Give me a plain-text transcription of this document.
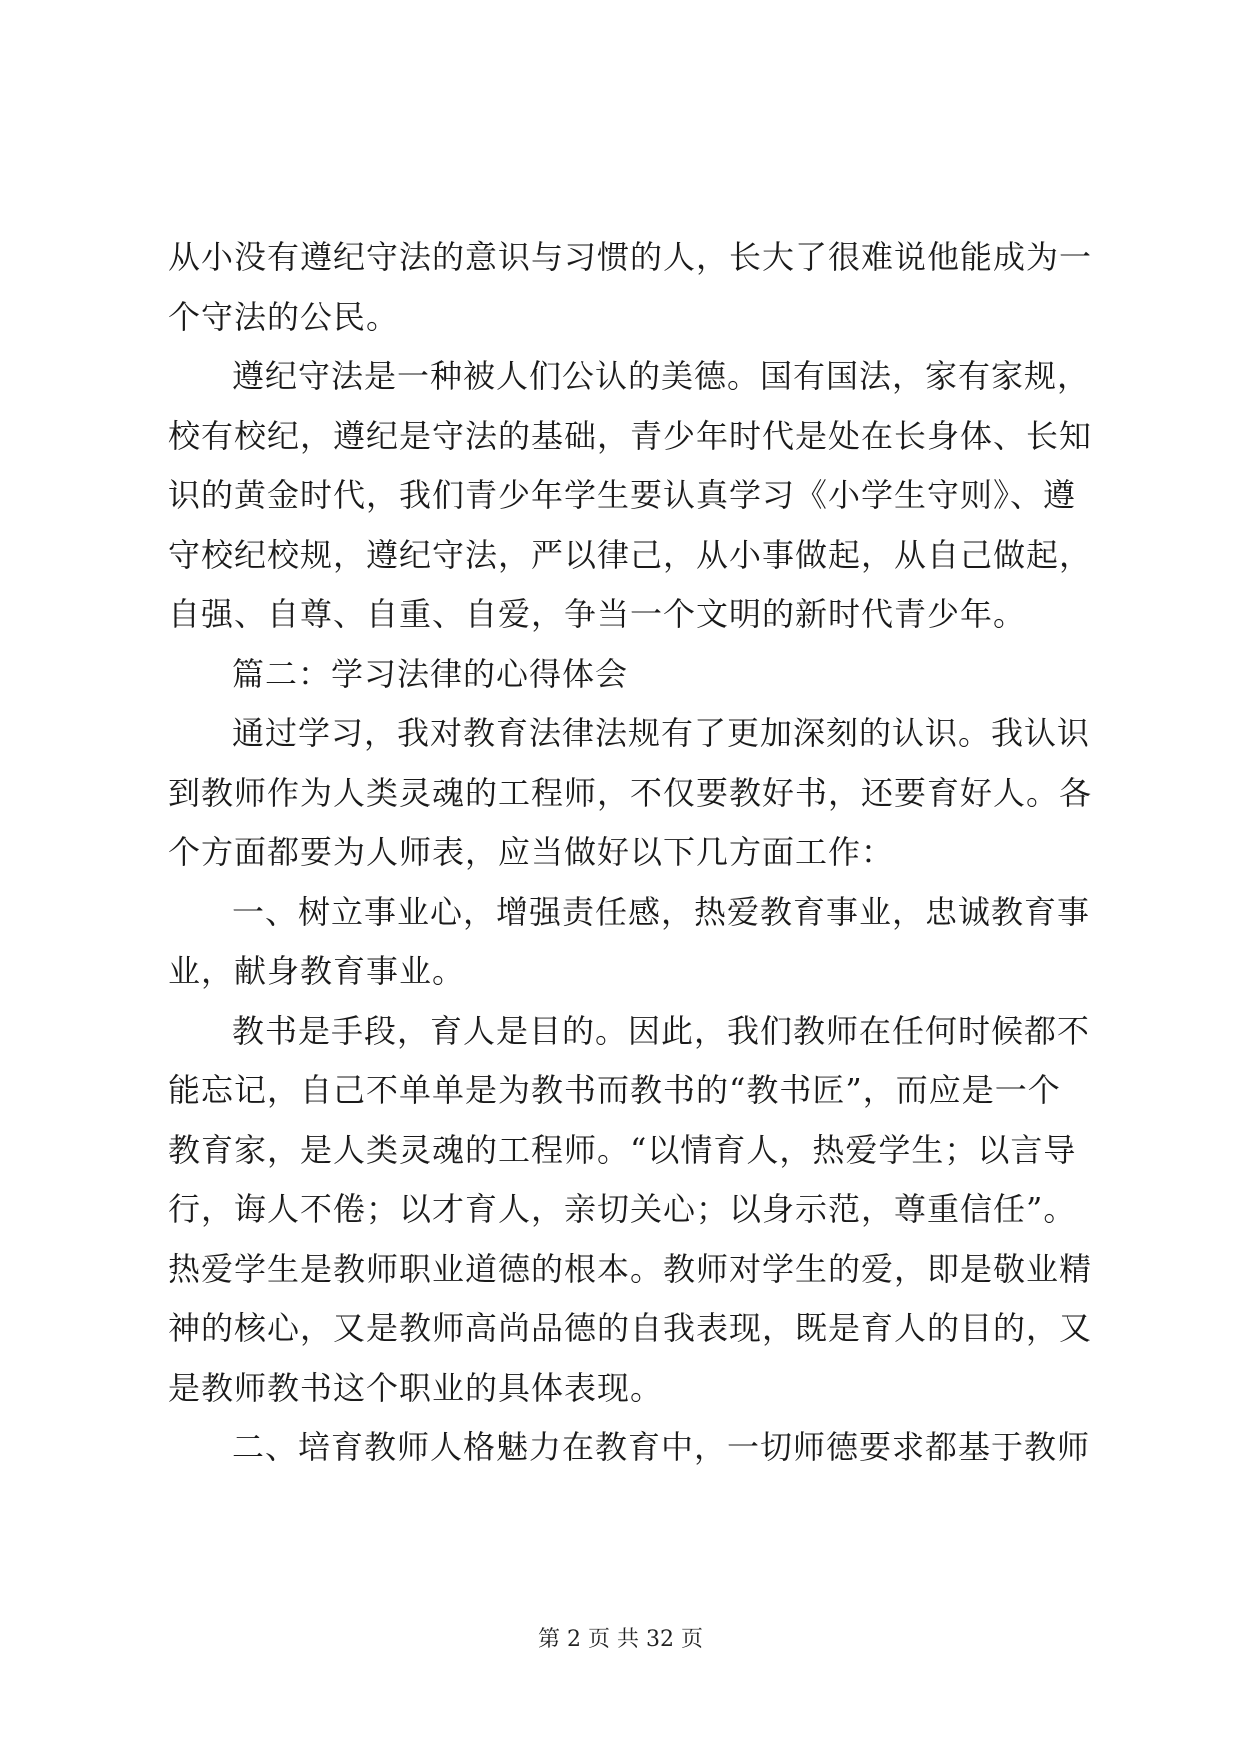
从小没有遵纪守法的意识与习惯的人，长大了很难说他能成为一
个守法的公民。
遵纪守法是一种被人们公认的美德。国有国法，家有家规，
校有校纪，遵纪是守法的基础，青少年时代是处在长身体、长知
识的黄金时代，我们青少年学生要认真学习《小学生守则》、遵
守校纪校规，遵纪守法，严以律己，从小事做起，从自己做起，
自强、自尊、自重、自爱，争当一个文明的新时代青少年。
篇二：学习法律的心得体会
通过学习，我对教育法律法规有了更加深刻的认识。我认识
到教师作为人类灵魂的工程师，不仅要教好书，还要育好人。各
个方面都要为人师表，应当做好以下几方面工作：
一、树立事业心，增强责任感，热爱教育事业，忠诚教育事
业，献身教育事业。
教书是手段，育人是目的。因此，我们教师在任何时候都不
能忘记，自己不单单是为教书而教书的“教书匠”，而应是一个
教育家，是人类灵魂的工程师。“以情育人，热爱学生；以言导
行，诲人不倦；以才育人，亲切关心；以身示范，尊重信任”。
热爱学生是教师职业道德的根本。教师对学生的爱，即是敬业精
神的核心，又是教师高尚品德的自我表现，既是育人的目的，又
是教师教书这个职业的具体表现。
二、培育教师人格魅力在教育中，一切师德要求都基于教师
第 2 页 共 32 页
